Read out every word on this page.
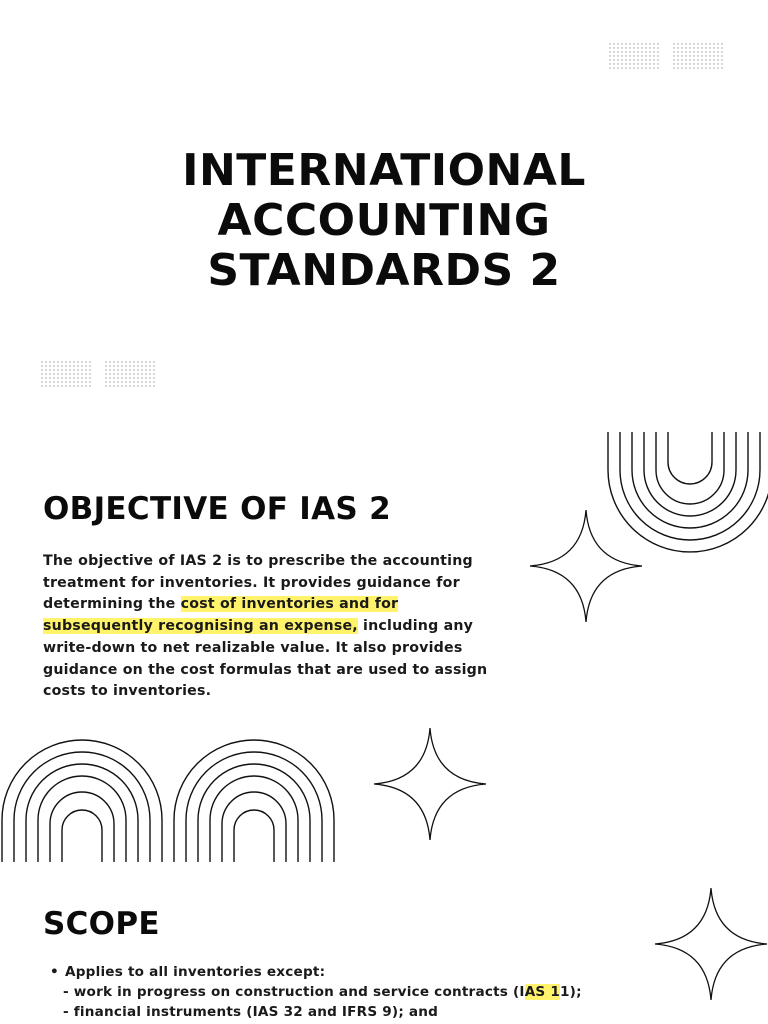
INTERNATIONAL
ACCOUNTING
STANDARDS 2
OBJECTIVE OF IAS 2

The objective of IAS 2 is to prescribe the accounting treatment for inventories. It provides guidance for determining the cost of inventories and for subsequently recognising an expense, including any write-down to net realizable value. It also provides guidance on the cost formulas that are used to assign costs to inventories.

SCOPE
• Applies to all inventories except:
- work in progress on construction and service contracts (IAS 11);
- financial instruments (IAS 32 and IFRS 9); and
